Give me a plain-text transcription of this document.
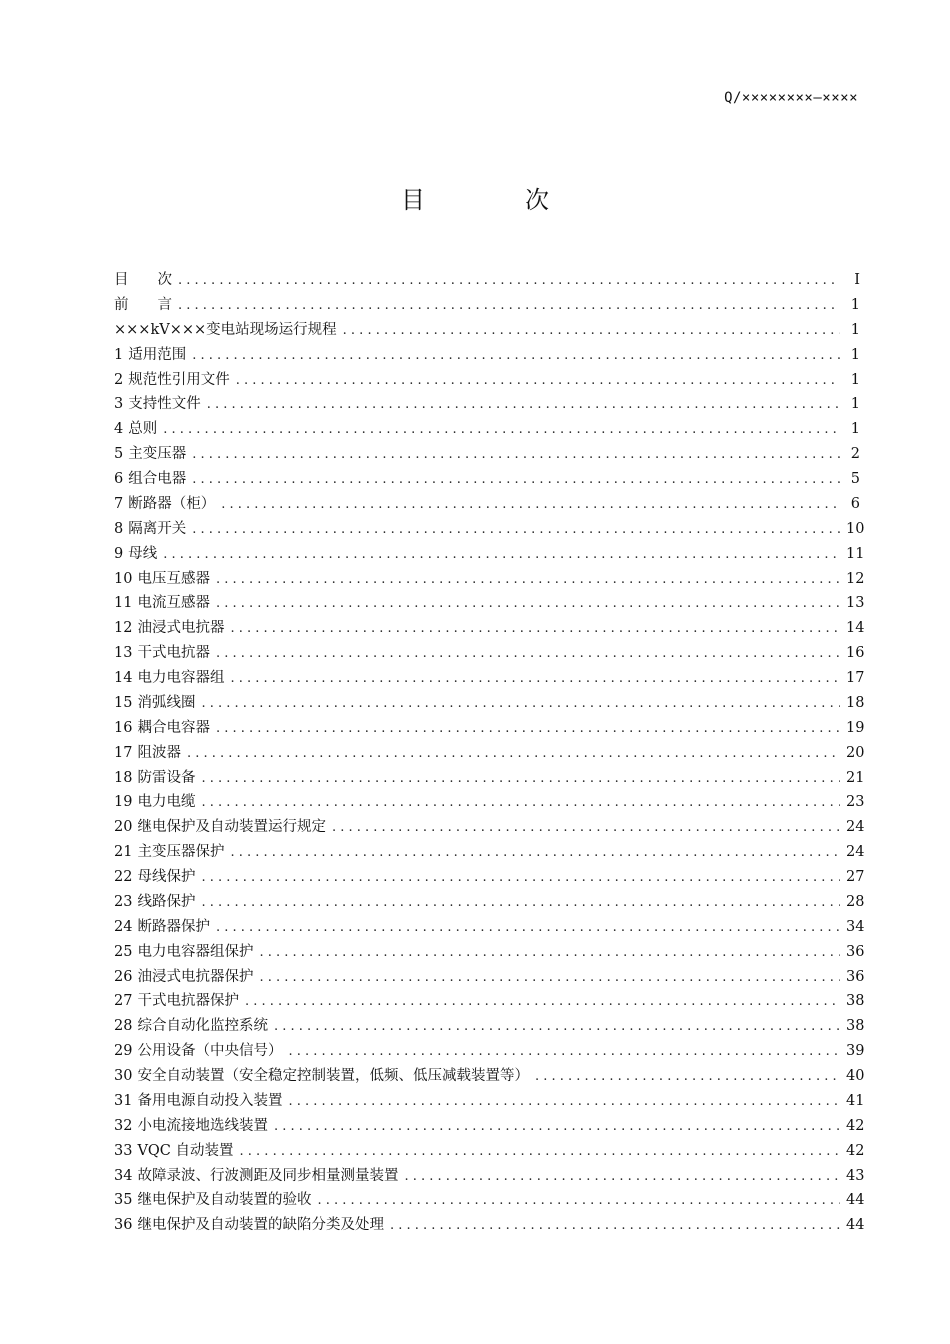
Q/××××××××—××××
目　次
目　　次 . . .	I
前　　言 . . .	1
×××kV×××变电站现场运行规程 . . .	1
1 适用范围 . . .	1
2 规范性引用文件 . . .	1
3 支持性文件 . . .	1
4 总则 . . .	1
5 主变压器 . . .	2
6 组合电器 . . .	5
7 断路器（柜） . . .	6
8 隔离开关 . . .	10
9 母线 . . .	11
10 电压互感器 . . .	12
11 电流互感器 . . .	13
12 油浸式电抗器 . . .	14
13 干式电抗器 . . .	16
14 电力电容器组 . . .	17
15 消弧线圈 . . .	18
16 耦合电容器 . . .	19
17 阻波器 . . .	20
18 防雷设备 . . .	21
19 电力电缆 . . .	23
20 继电保护及自动装置运行规定 . . .	24
21 主变压器保护 . . .	24
22 母线保护 . . .	27
23 线路保护 . . .	28
24 断路器保护 . . .	34
25 电力电容器组保护 . . .	36
26 油浸式电抗器保护 . . .	36
27 干式电抗器保护 . . .	38
28 综合自动化监控系统 . . .	38
29 公用设备（中央信号） . . .	39
30 安全自动装置（安全稳定控制装置，低频、低压减载装置等） . . .	40
31 备用电源自动投入装置 . . .	41
32 小电流接地选线装置 . . .	42
33 VQC 自动装置 . . .	42
34 故障录波、行波测距及同步相量测量装置 . . .	43
35 继电保护及自动装置的验收 . . .	44
36 继电保护及自动装置的缺陷分类及处理 . . .	44
